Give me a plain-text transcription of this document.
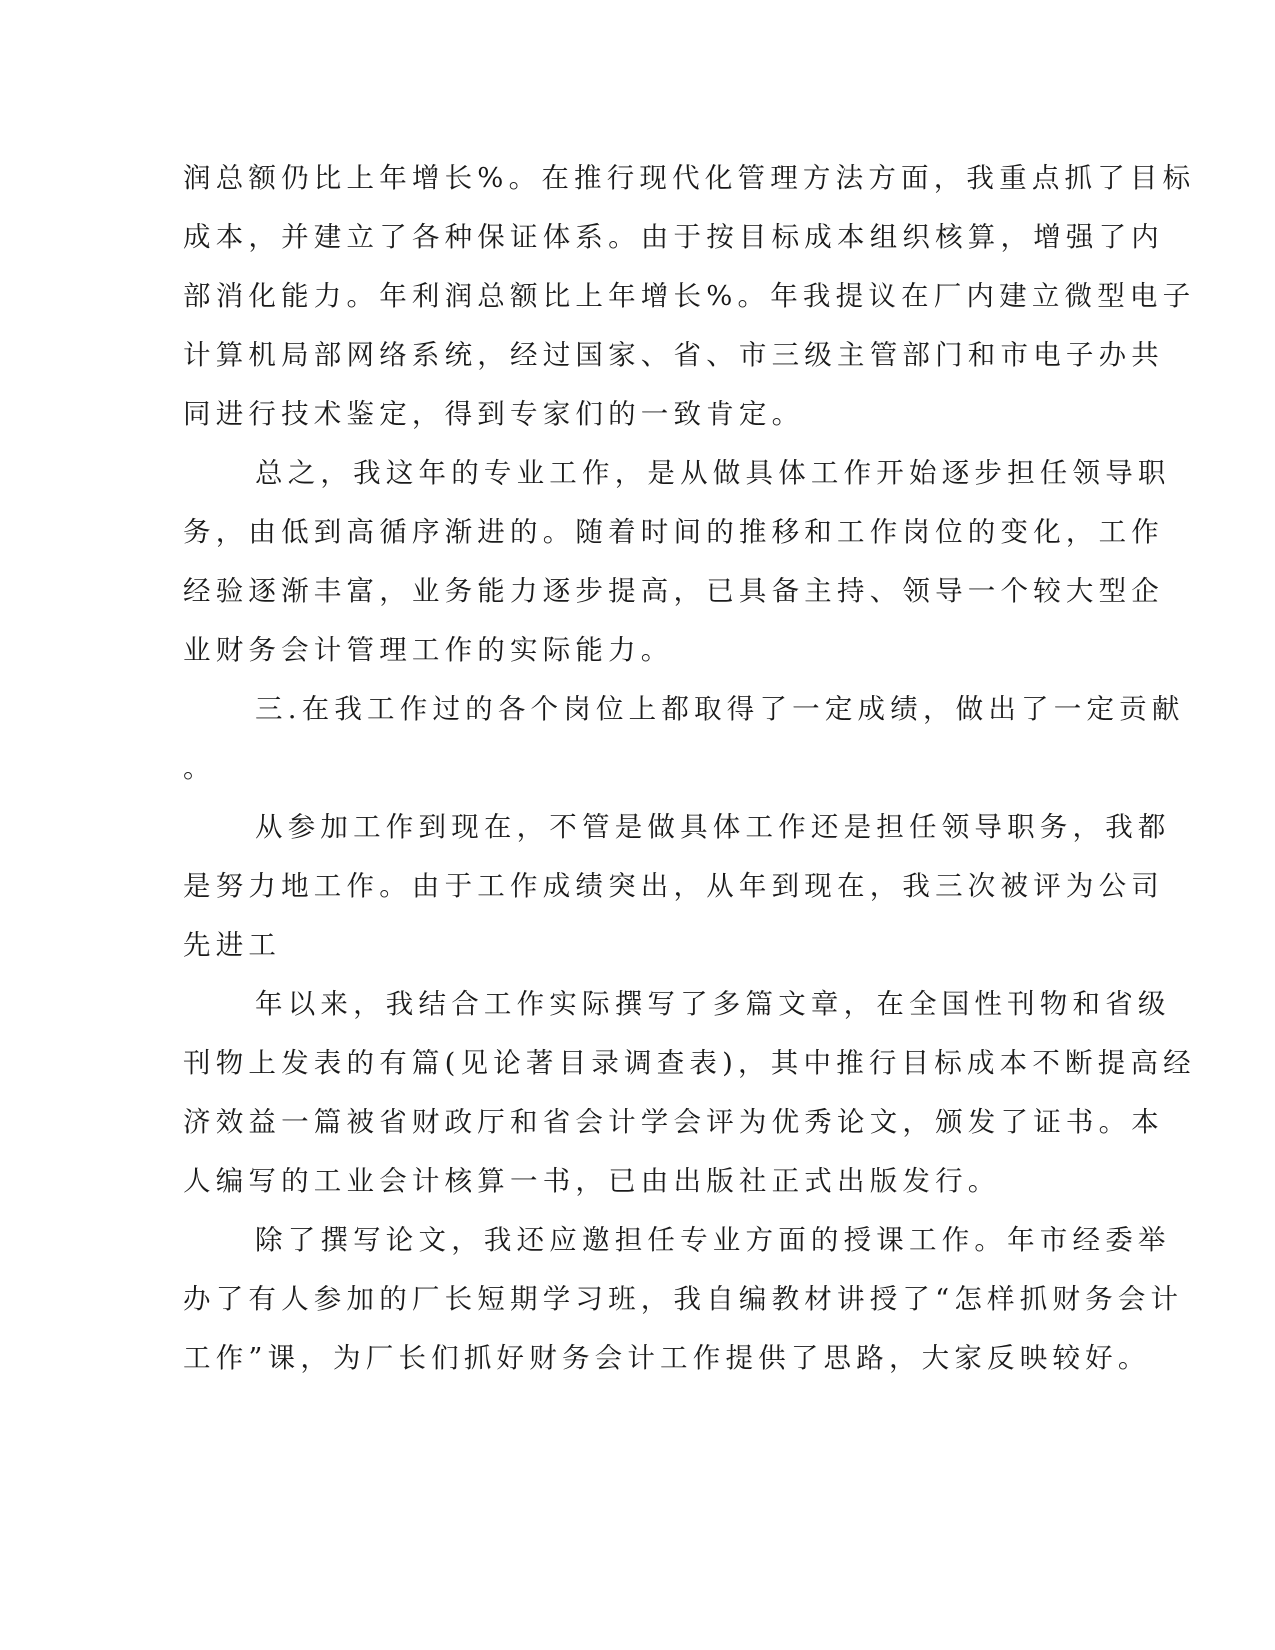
润总额仍比上年增长%。在推行现代化管理方法方面，我重点抓了目标
成本，并建立了各种保证体系。由于按目标成本组织核算，增强了内
部消化能力。年利润总额比上年增长%。年我提议在厂内建立微型电子
计算机局部网络系统，经过国家、省、市三级主管部门和市电子办共
同进行技术鉴定，得到专家们的一致肯定。
总之，我这年的专业工作，是从做具体工作开始逐步担任领导职
务，由低到高循序渐进的。随着时间的推移和工作岗位的变化，工作
经验逐渐丰富，业务能力逐步提高，已具备主持、领导一个较大型企
业财务会计管理工作的实际能力。
三.在我工作过的各个岗位上都取得了一定成绩，做出了一定贡献
。
从参加工作到现在，不管是做具体工作还是担任领导职务，我都
是努力地工作。由于工作成绩突出，从年到现在，我三次被评为公司
先进工
年以来，我结合工作实际撰写了多篇文章，在全国性刊物和省级
刊物上发表的有篇(见论著目录调查表)，其中推行目标成本不断提高经
济效益一篇被省财政厅和省会计学会评为优秀论文，颁发了证书。本
人编写的工业会计核算一书，已由出版社正式出版发行。
除了撰写论文，我还应邀担任专业方面的授课工作。年市经委举
办了有人参加的厂长短期学习班，我自编教材讲授了“怎样抓财务会计
工作”课，为厂长们抓好财务会计工作提供了思路，大家反映较好。
